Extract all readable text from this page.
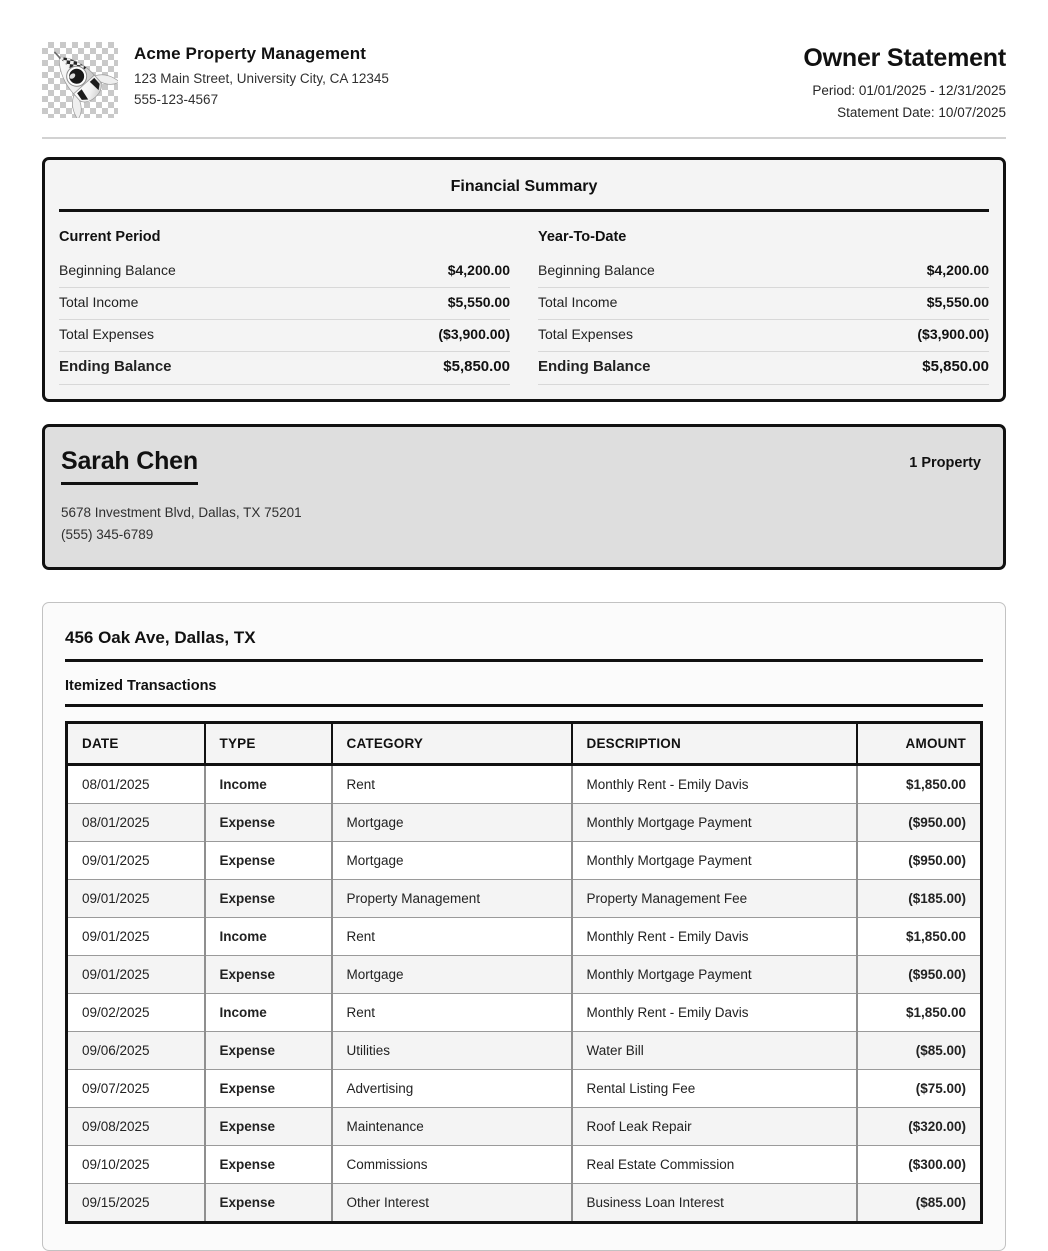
Acme Property Management
123 Main Street, University City, CA 12345
555-123-4567
Owner Statement
Period: 01/01/2025 - 12/31/2025
Statement Date: 10/07/2025
Financial Summary
Current Period
Beginning Balance	$4,200.00
Total Income	$5,550.00
Total Expenses	($3,900.00)
Ending Balance	$5,850.00
Year-To-Date
Beginning Balance	$4,200.00
Total Income	$5,550.00
Total Expenses	($3,900.00)
Ending Balance	$5,850.00
Sarah Chen
5678 Investment Blvd, Dallas, TX 75201
(555) 345-6789
1 Property
456 Oak Ave, Dallas, TX
Itemized Transactions
DATE	TYPE	CATEGORY	DESCRIPTION	AMOUNT
08/01/2025	Income	Rent	Monthly Rent - Emily Davis	$1,850.00
08/01/2025	Expense	Mortgage	Monthly Mortgage Payment	($950.00)
09/01/2025	Expense	Mortgage	Monthly Mortgage Payment	($950.00)
09/01/2025	Expense	Property Management	Property Management Fee	($185.00)
09/01/2025	Income	Rent	Monthly Rent - Emily Davis	$1,850.00
09/01/2025	Expense	Mortgage	Monthly Mortgage Payment	($950.00)
09/02/2025	Income	Rent	Monthly Rent - Emily Davis	$1,850.00
09/06/2025	Expense	Utilities	Water Bill	($85.00)
09/07/2025	Expense	Advertising	Rental Listing Fee	($75.00)
09/08/2025	Expense	Maintenance	Roof Leak Repair	($320.00)
09/10/2025	Expense	Commissions	Real Estate Commission	($300.00)
09/15/2025	Expense	Other Interest	Business Loan Interest	($85.00)
